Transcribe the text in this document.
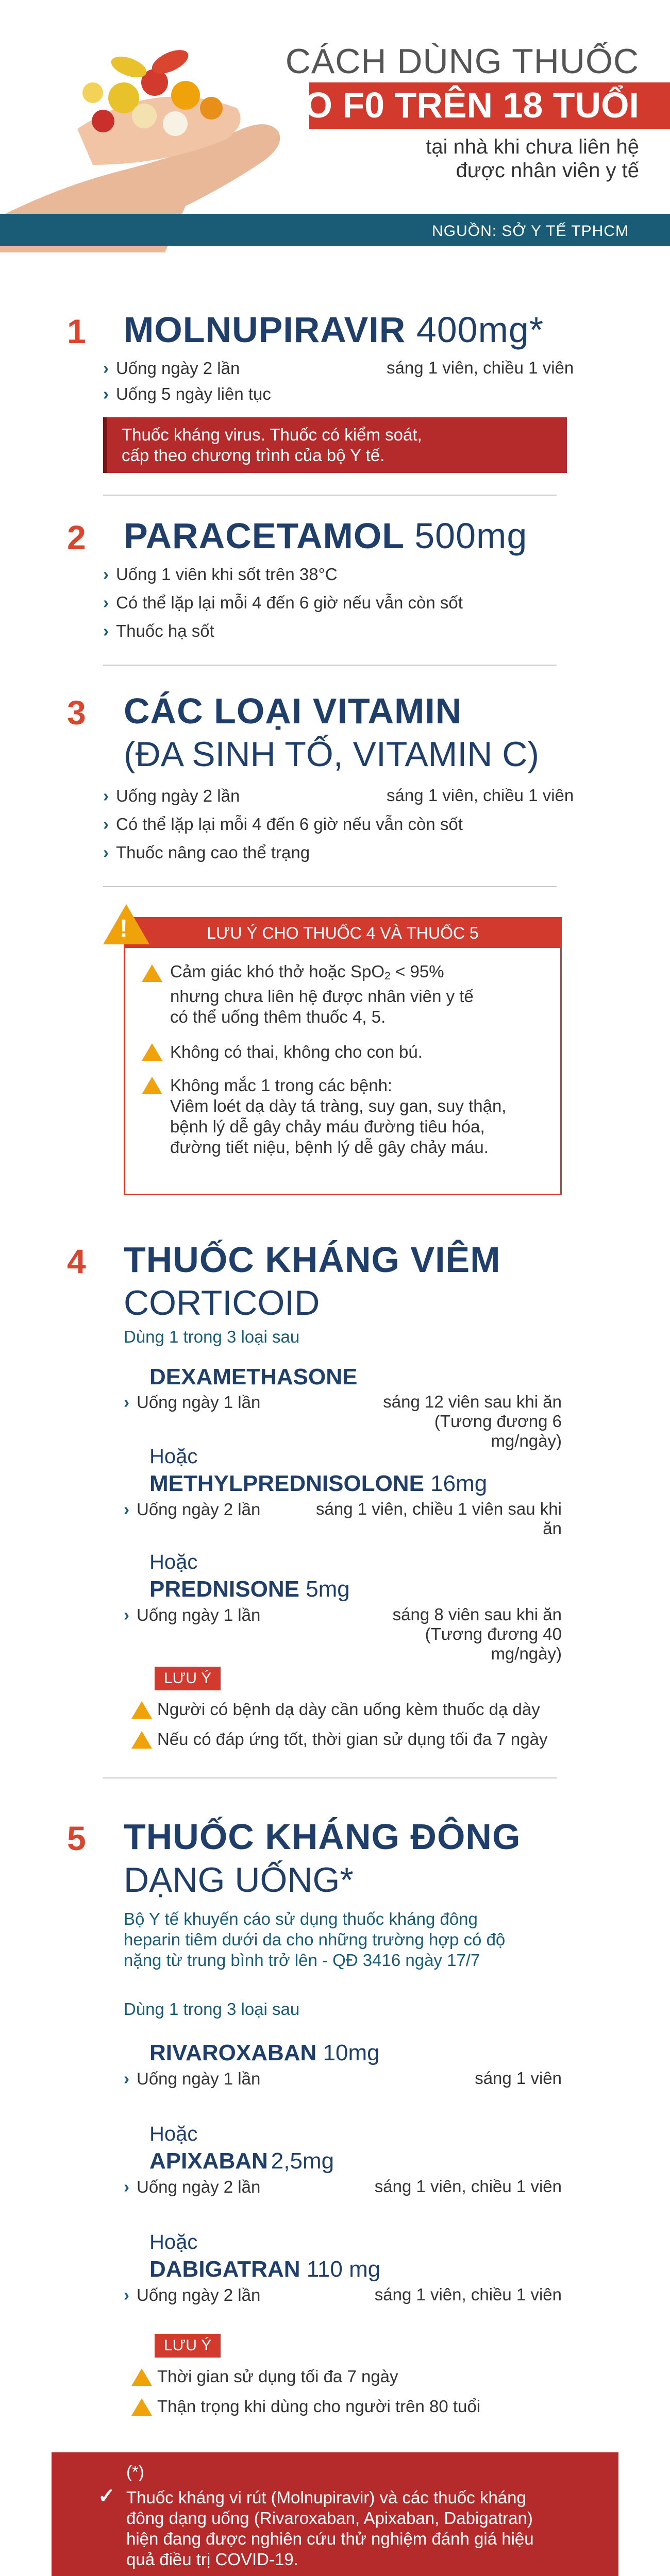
CÁCH DÙNG THUỐC
CHO F0 TRÊN 18 TUỔI
tại nhà khi chưa liên hệ
được nhân viên y tế
NGUỒN: SỞ Y TẾ TPHCM
1 MOLNUPIRAVIR 400mg*
› Uống ngày 2 lần	sáng 1 viên, chiều 1 viên
› Uống 5 ngày liên tục
Thuốc kháng virus. Thuốc có kiểm soát,
cấp theo chương trình của bộ Y tế.
2 PARACETAMOL 500mg
› Uống 1 viên khi sốt trên 38°C
› Có thể lặp lại mỗi 4 đến 6 giờ nếu vẫn còn sốt
› Thuốc hạ sốt
3 CÁC LOẠI VITAMIN
(ĐA SINH TỐ, VITAMIN C)
› Uống ngày 2 lần	sáng 1 viên, chiều 1 viên
› Có thể lặp lại mỗi 4 đến 6 giờ nếu vẫn còn sốt
› Thuốc nâng cao thể trạng
LƯU Ý CHO THUỐC 4 VÀ THUỐC 5
!
Cảm giác khó thở hoặc SpO2 < 95%
nhưng chưa liên hệ được nhân viên y tế
có thể uống thêm thuốc 4, 5.
Không có thai, không cho con bú.
Không mắc 1 trong các bệnh:
Viêm loét dạ dày tá tràng, suy gan, suy thận,
bệnh lý dễ gây chảy máu đường tiêu hóa,
đường tiết niệu, bệnh lý dễ gây chảy máu.
4 THUỐC KHÁNG VIÊM
CORTICOID
Dùng 1 trong 3 loại sau
DEXAMETHASONE
› Uống ngày 1 lần	sáng 12 viên sau khi ăn
(Tương đương 6 mg/ngày)
Hoặc
METHYLPREDNISOLONE 16mg
› Uống ngày 2 lần	sáng 1 viên, chiều 1 viên sau khi ăn
Hoặc
PREDNISONE 5mg
› Uống ngày 1 lần	sáng 8 viên sau khi ăn
(Tương đương 40 mg/ngày)
LƯU Ý
Người có bệnh dạ dày cần uống kèm thuốc dạ dày
Nếu có đáp ứng tốt, thời gian sử dụng tối đa 7 ngày
5 THUỐC KHÁNG ĐÔNG
DẠNG UỐNG*
Bộ Y tế khuyến cáo sử dụng thuốc kháng đông
heparin tiêm dưới da cho những trường hợp có độ
nặng từ trung bình trở lên - QĐ 3416 ngày 17/7
Dùng 1 trong 3 loại sau
RIVAROXABAN 10mg
› Uống ngày 1 lần	sáng 1 viên
Hoặc
APIXABAN 2,5mg
› Uống ngày 2 lần	sáng 1 viên, chiều 1 viên
Hoặc
DABIGATRAN 110 mg
› Uống ngày 2 lần	sáng 1 viên, chiều 1 viên
LƯU Ý
Thời gian sử dụng tối đa 7 ngày
Thận trọng khi dùng cho người trên 80 tuổi
(*)
✓ Thuốc kháng vi rút (Molnupiravir) và các thuốc kháng
đông dạng uống (Rivaroxaban, Apixaban, Dabigatran)
hiện đang được nghiên cứu thử nghiệm đánh giá hiệu
quả điều trị COVID-19.
